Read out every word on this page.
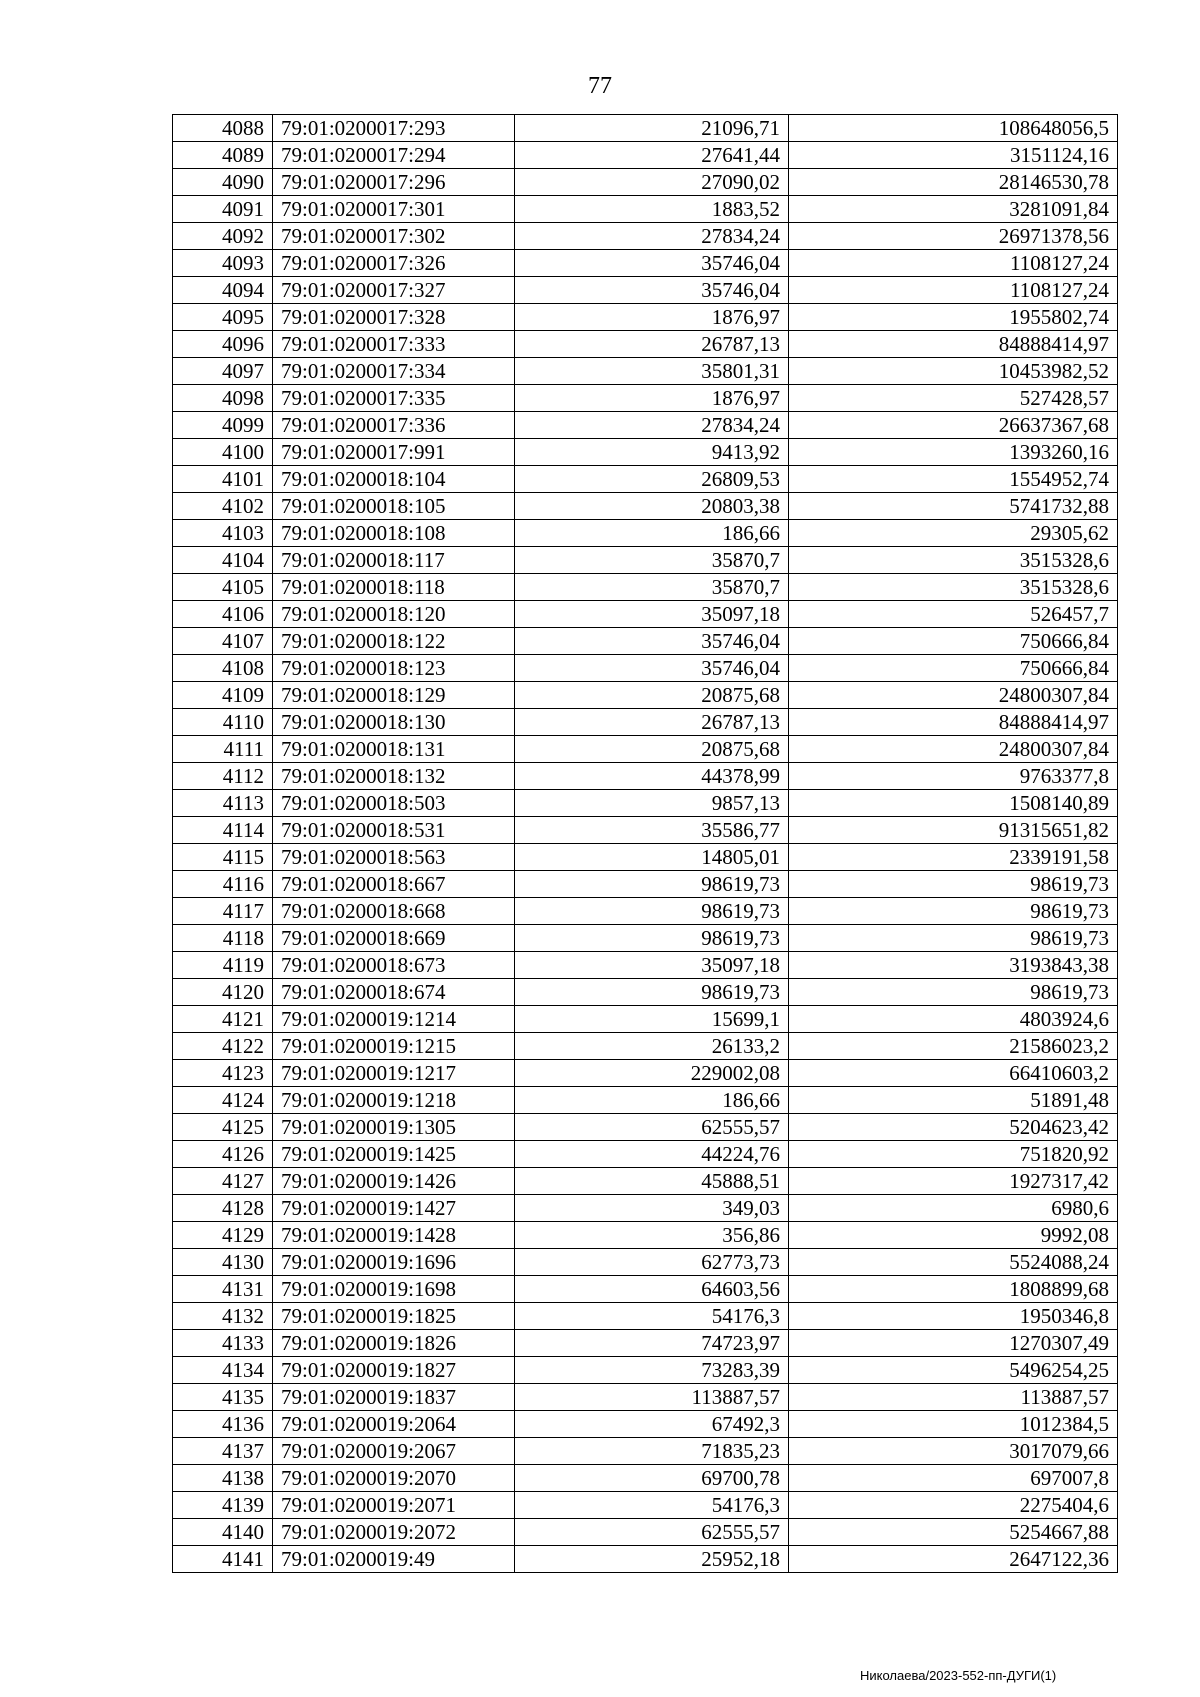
77
4088	79:01:0200017:293	21096,71	108648056,5
4089	79:01:0200017:294	27641,44	3151124,16
4090	79:01:0200017:296	27090,02	28146530,78
4091	79:01:0200017:301	1883,52	3281091,84
4092	79:01:0200017:302	27834,24	26971378,56
4093	79:01:0200017:326	35746,04	1108127,24
4094	79:01:0200017:327	35746,04	1108127,24
4095	79:01:0200017:328	1876,97	1955802,74
4096	79:01:0200017:333	26787,13	84888414,97
4097	79:01:0200017:334	35801,31	10453982,52
4098	79:01:0200017:335	1876,97	527428,57
4099	79:01:0200017:336	27834,24	26637367,68
4100	79:01:0200017:991	9413,92	1393260,16
4101	79:01:0200018:104	26809,53	1554952,74
4102	79:01:0200018:105	20803,38	5741732,88
4103	79:01:0200018:108	186,66	29305,62
4104	79:01:0200018:117	35870,7	3515328,6
4105	79:01:0200018:118	35870,7	3515328,6
4106	79:01:0200018:120	35097,18	526457,7
4107	79:01:0200018:122	35746,04	750666,84
4108	79:01:0200018:123	35746,04	750666,84
4109	79:01:0200018:129	20875,68	24800307,84
4110	79:01:0200018:130	26787,13	84888414,97
4111	79:01:0200018:131	20875,68	24800307,84
4112	79:01:0200018:132	44378,99	9763377,8
4113	79:01:0200018:503	9857,13	1508140,89
4114	79:01:0200018:531	35586,77	91315651,82
4115	79:01:0200018:563	14805,01	2339191,58
4116	79:01:0200018:667	98619,73	98619,73
4117	79:01:0200018:668	98619,73	98619,73
4118	79:01:0200018:669	98619,73	98619,73
4119	79:01:0200018:673	35097,18	3193843,38
4120	79:01:0200018:674	98619,73	98619,73
4121	79:01:0200019:1214	15699,1	4803924,6
4122	79:01:0200019:1215	26133,2	21586023,2
4123	79:01:0200019:1217	229002,08	66410603,2
4124	79:01:0200019:1218	186,66	51891,48
4125	79:01:0200019:1305	62555,57	5204623,42
4126	79:01:0200019:1425	44224,76	751820,92
4127	79:01:0200019:1426	45888,51	1927317,42
4128	79:01:0200019:1427	349,03	6980,6
4129	79:01:0200019:1428	356,86	9992,08
4130	79:01:0200019:1696	62773,73	5524088,24
4131	79:01:0200019:1698	64603,56	1808899,68
4132	79:01:0200019:1825	54176,3	1950346,8
4133	79:01:0200019:1826	74723,97	1270307,49
4134	79:01:0200019:1827	73283,39	5496254,25
4135	79:01:0200019:1837	113887,57	113887,57
4136	79:01:0200019:2064	67492,3	1012384,5
4137	79:01:0200019:2067	71835,23	3017079,66
4138	79:01:0200019:2070	69700,78	697007,8
4139	79:01:0200019:2071	54176,3	2275404,6
4140	79:01:0200019:2072	62555,57	5254667,88
4141	79:01:0200019:49	25952,18	2647122,36
Николаева/2023-552-пп-ДУГИ(1)
